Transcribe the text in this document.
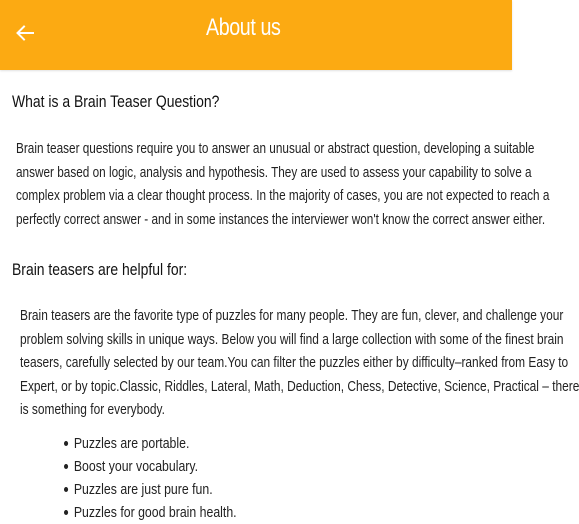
About us
What is a Brain Teaser Question?
Brain teaser questions require you to answer an unusual or abstract question, developing a suitable
answer based on logic, analysis and hypothesis. They are used to assess your capability to solve a
complex problem via a clear thought process. In the majority of cases, you are not expected to reach a
perfectly correct answer - and in some instances the interviewer won't know the correct answer either.
Brain teasers are helpful for:
Brain teasers are the favorite type of puzzles for many people. They are fun, clever, and challenge your
problem solving skills in unique ways. Below you will find a large collection with some of the finest brain
teasers, carefully selected by our team.You can filter the puzzles either by difficulty–ranked from Easy to
Expert, or by topic.Classic, Riddles, Lateral, Math, Deduction, Chess, Detective, Science, Practical – there
is something for everybody.
Puzzles are portable.
Boost your vocabulary.
Puzzles are just pure fun.
Puzzles for good brain health.
